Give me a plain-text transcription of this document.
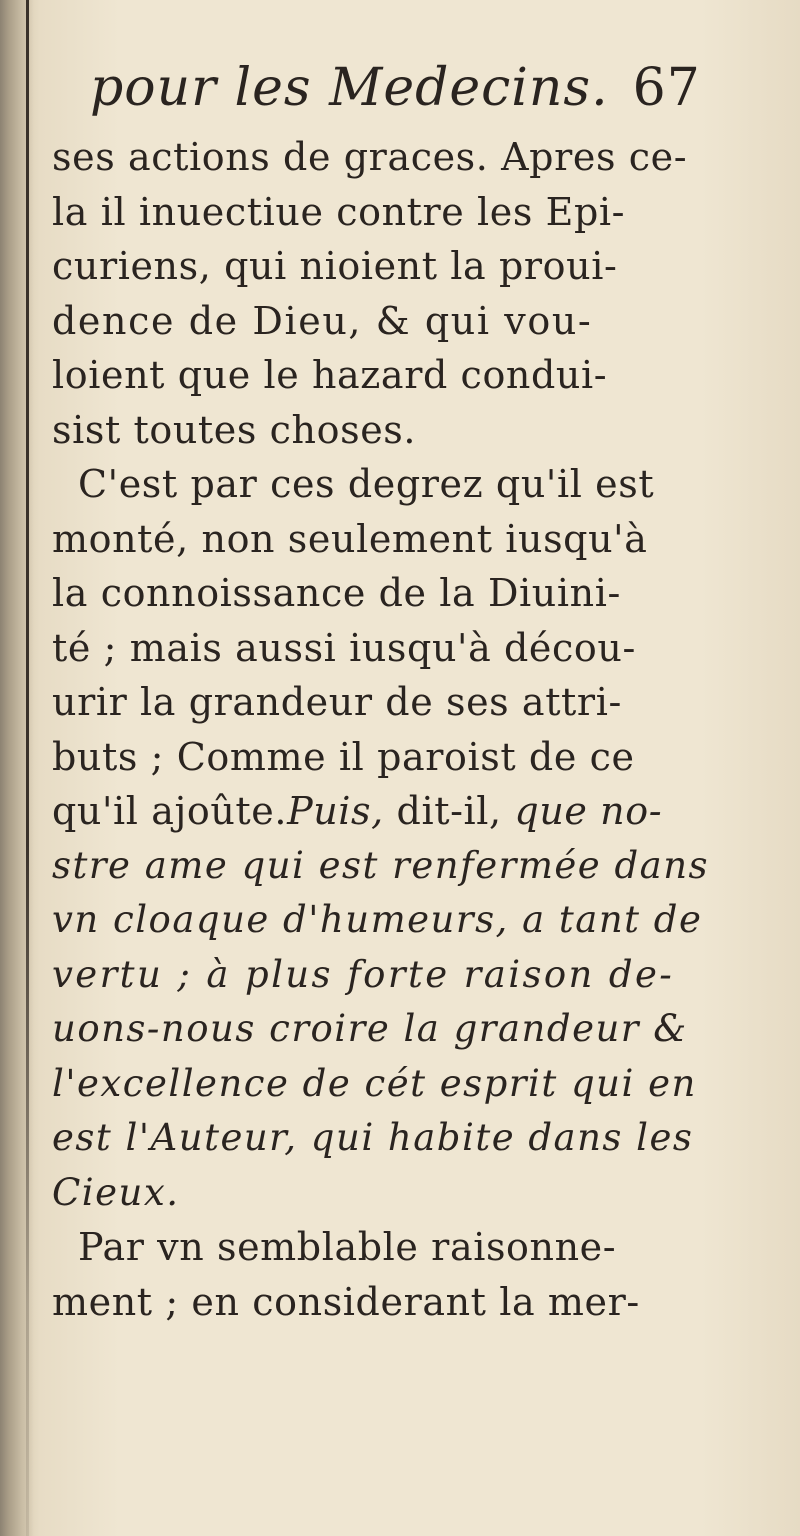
pour les Medecins. 67
ses actions de graces. Apres ce-
la il inuectiue contre les Epi-
curiens, qui nioient la proui-
dence de Dieu, & qui vou-
loient que le hazard condui-
sist toutes choses.
C'est par ces degrez qu'il est
monté, non seulement iusqu'à
la connoissance de la Diuini-
té ; mais aussi iusqu'à décou-
urir la grandeur de ses attri-
buts ; Comme il paroist de ce
qu'il ajoûte.Puis, dit-il, que no-
stre ame qui est renfermée dans
vn cloaque d'humeurs, a tant de
vertu ; à plus forte raison de-
uons-nous croire la grandeur &
l'excellence de cét esprit qui en
est l'Auteur, qui habite dans les
Cieux.
Par vn semblable raisonne-
ment ; en considerant la mer-
